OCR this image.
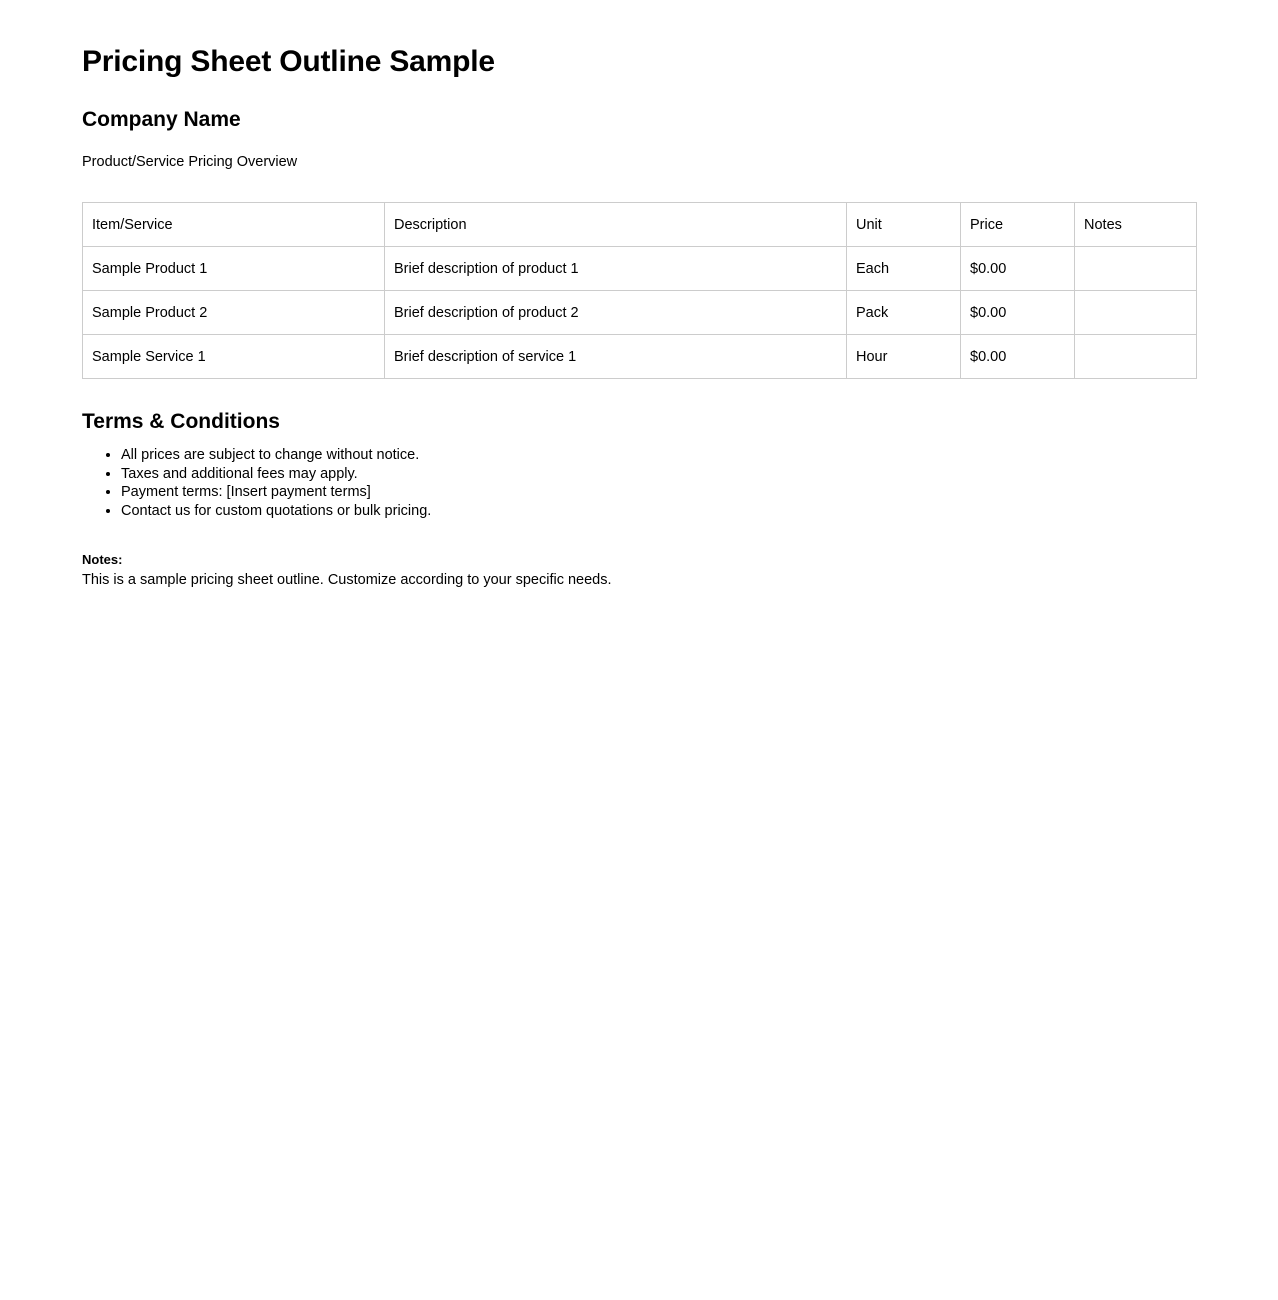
Pricing Sheet Outline Sample
Company Name

Product/Service Pricing Overview

Item/Service	Description	Unit	Price	Notes
Sample Product 1	Brief description of product 1	Each	$0.00	
Sample Product 2	Brief description of product 2	Pack	$0.00	
Sample Service 1	Brief description of service 1	Hour	$0.00	
Terms & Conditions
• All prices are subject to change without notice.
• Taxes and additional fees may apply.
• Payment terms: [Insert payment terms]
• Contact us for custom quotations or bulk pricing.
Notes:
This is a sample pricing sheet outline. Customize according to your specific needs.
